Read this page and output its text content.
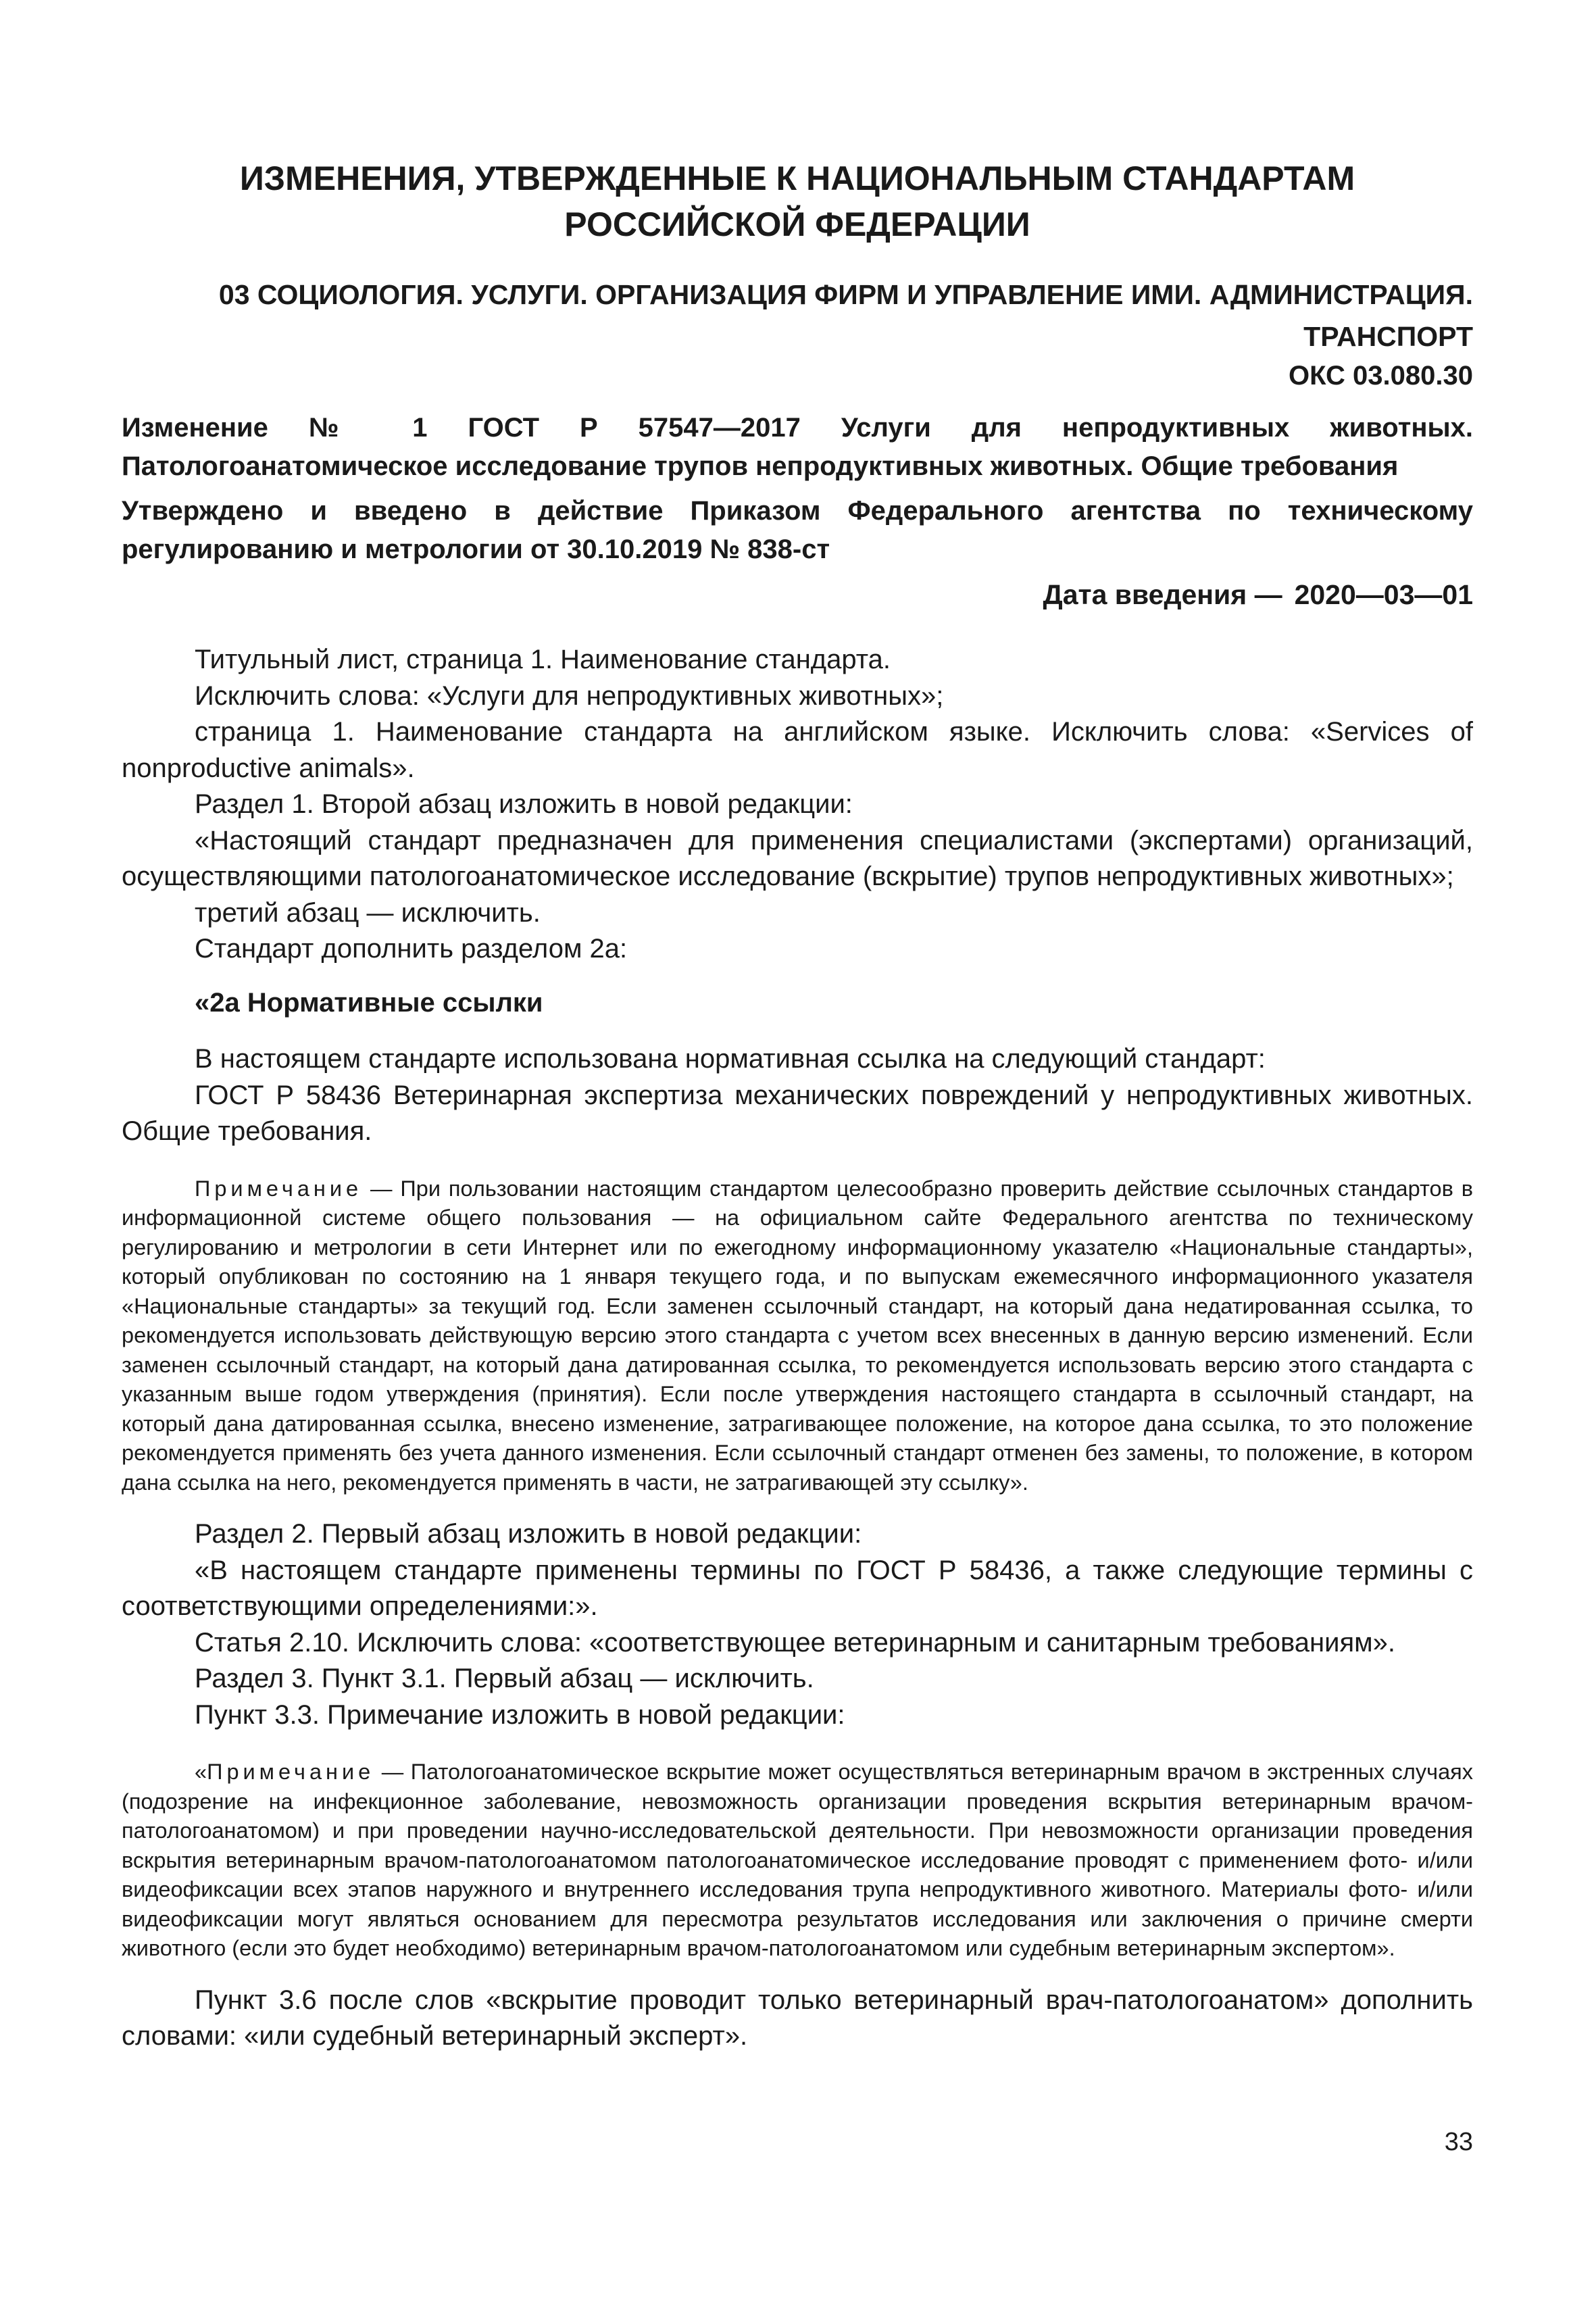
ИЗМЕНЕНИЯ, УТВЕРЖДЕННЫЕ К НАЦИОНАЛЬНЫМ СТАНДАРТАМ
РОССИЙСКОЙ ФЕДЕРАЦИИ
03 СОЦИОЛОГИЯ. УСЛУГИ. ОРГАНИЗАЦИЯ ФИРМ И УПРАВЛЕНИЕ ИМИ. АДМИНИСТРАЦИЯ.
ТРАНСПОРТ
ОКС 03.080.30

Изменение № 1 ГОСТ Р 57547—2017 Услуги для непродуктивных животных. Патологоанатомическое исследование трупов непродуктивных животных. Общие требования

Утверждено и введено в действие Приказом Федерального агентства по техническому регулированию и метрологии от 30.10.2019 № 838-ст

Дата введения — 2020—03—01

Титульный лист, страница 1. Наименование стандарта.

Исключить слова: «Услуги для непродуктивных животных»;

страница 1. Наименование стандарта на английском языке. Исключить слова: «Services of nonproductive animals».

Раздел 1. Второй абзац изложить в новой редакции:

«Настоящий стандарт предназначен для применения специалистами (экспертами) организаций, осуществляющими патологоанатомическое исследование (вскрытие) трупов непродуктивных животных»;

третий абзац — исключить.

Стандарт дополнить разделом 2а:

«2а Нормативные ссылки

В настоящем стандарте использована нормативная ссылка на следующий стандарт:

ГОСТ Р 58436 Ветеринарная экспертиза механических повреждений у непродуктивных животных. Общие требования.

Примечание — При пользовании настоящим стандартом целесообразно проверить действие ссылочных стандартов в информационной системе общего пользования — на официальном сайте Федерального агентства по техническому регулированию и метрологии в сети Интернет или по ежегодному информационному указателю «Национальные стандарты», который опубликован по состоянию на 1 января текущего года, и по выпускам ежемесячного информационного указателя «Национальные стандарты» за текущий год. Если заменен ссылочный стандарт, на который дана недатированная ссылка, то рекомендуется использовать действующую версию этого стандарта с учетом всех внесенных в данную версию изменений. Если заменен ссылочный стандарт, на который дана датированная ссылка, то рекомендуется использовать версию этого стандарта с указанным выше годом утверждения (принятия). Если после утверждения настоящего стандарта в ссылочный стандарт, на который дана датированная ссылка, внесено изменение, затрагивающее положение, на которое дана ссылка, то это положение рекомендуется применять без учета данного изменения. Если ссылочный стандарт отменен без замены, то положение, в котором дана ссылка на него, рекомендуется применять в части, не затрагивающей эту ссылку».

Раздел 2. Первый абзац изложить в новой редакции:

«В настоящем стандарте применены термины по ГОСТ Р 58436, а также следующие термины с соответствующими определениями:».

Статья 2.10. Исключить слова: «соответствующее ветеринарным и санитарным требованиям».

Раздел 3. Пункт 3.1. Первый абзац — исключить.

Пункт 3.3. Примечание изложить в новой редакции:

«Примечание — Патологоанатомическое вскрытие может осуществляться ветеринарным врачом в экстренных случаях (подозрение на инфекционное заболевание, невозможность организации проведения вскрытия ветеринарным врачом-патологоанатомом) и при проведении научно-исследовательской деятельности. При невозможности организации проведения вскрытия ветеринарным врачом-патологоанатомом патологоанатомическое исследование проводят с применением фото- и/или видеофиксации всех этапов наружного и внутреннего исследования трупа непродуктивного животного. Материалы фото- и/или видеофиксации могут являться основанием для пересмотра результатов исследования или заключения о причине смерти животного (если это будет необходимо) ветеринарным врачом-патологоанатомом или судебным ветеринарным экспертом».

Пункт 3.6 после слов «вскрытие проводит только ветеринарный врач-патологоанатом» дополнить словами: «или судебный ветеринарный эксперт».

33
